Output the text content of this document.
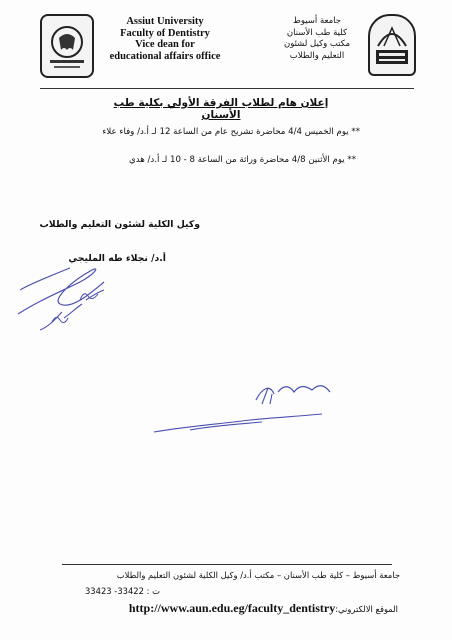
Assiut University
Faculty of Dentistry
Vice dean for
educational affairs office
جامعة أسيوط
كلية طب الأسنان
مكتب وكيل لشئون
التعليم والطلاب
إعلان هام لطلاب الفرقة الأولي بكلية طب الأسنان
** يوم الخميس 4/4 محاضرة تشريح عام من الساعة 12 لـ أ.د/ وفاء علاء
** يوم الأثنين 4/8 محاضرة وراثة من الساعة 8 - 10 لـ أ.د/ هدي
وكيل الكلية لشئون التعليم والطلاب
أ.د/ نجلاء طه المليجي
جامعة أسيوط – كلية طب الأسنان – مكتب أ.د/ وكيل الكلية لشئون التعليم والطلاب
ت : 33422- 33423
الموقع الالكتروني:http://www.aun.edu.eg/faculty_dentistry
